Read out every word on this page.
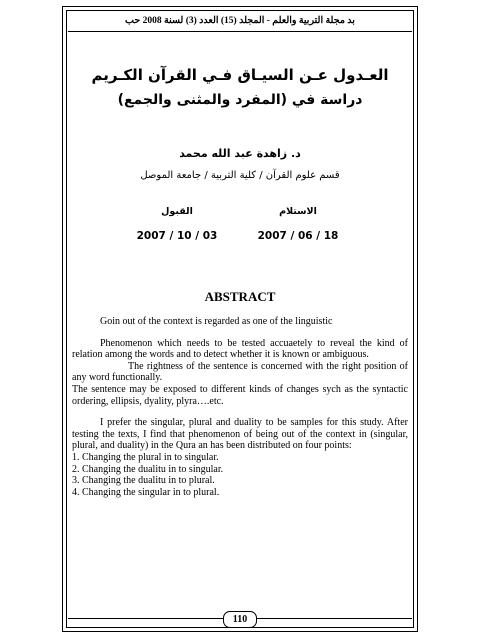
بد مجلة التربية والعلم - المجلد (15) العدد (3) لسنة 2008 حب
العـدول عـن السيـاق فـي القرآن الكـريم
دراسة في (المفرد والمثنى والجمع)
د. زاهدة عبد الله محمد
قسم علوم القرآن / كلية التربية / جامعة الموصل
الاستلام
القبول
2007 / 06 / 18
2007 / 10 / 03
ABSTRACT

Goin out of the context is regarded as one of the linguistic

Phenomenon which needs to be tested accuaetely to reveal the kind of relation among the words and to detect whether it is known or ambiguous.

The rightness of the sentence is concerned with the right position of any word functionally.

The sentence may be exposed to different kinds of changes sych as the syntactic ordering, ellipsis, dyality, plyra….etc.

I prefer the singular, plural and duality to be samples for this study. After testing the texts, I find that phenomenon of being out of the context in (singular, plural, and duality) in the Qura an has been distributed on four points:

1. Changing the plural in to singular.

2. Changing the dualitu in to singular.

3. Changing the dualitu in to plural.

4. Changing the singular in to plural.

110
